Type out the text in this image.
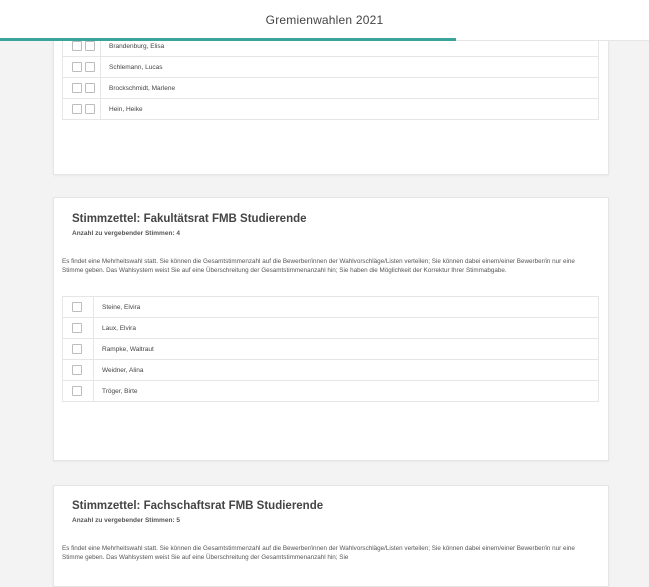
Gremienwahlen 2021
Brandenburg, Elisa
Schlemann, Lucas
Brockschmidt, Marlene
Hein, Heike
Stimmzettel: Fakultätsrat FMB Studierende
Anzahl zu vergebender Stimmen: 4
Es findet eine Mehrheitswahl statt. Sie können die Gesamtstimmenzahl auf die Bewerber/innen der Wahlvorschläge/Listen verteilen; Sie können dabei einem/einer Bewerber/in nur eine Stimme geben. Das Wahlsystem weist Sie auf eine Überschreitung der Gesamtstimmenanzahl hin; Sie haben die Möglichkeit der Korrektur Ihrer Stimmabgabe.
Steine, Elvira
Laux, Elvira
Rampke, Waltraut
Weidner, Alina
Tröger, Birte
Stimmzettel: Fachschaftsrat FMB Studierende
Anzahl zu vergebender Stimmen: 5
Es findet eine Mehrheitswahl statt. Sie können die Gesamtstimmenzahl auf die Bewerber/innen der Wahlvorschläge/Listen verteilen; Sie können dabei einem/einer Bewerber/in nur eine Stimme geben. Das Wahlsystem weist Sie auf eine Überschreitung der Gesamtstimmenanzahl hin; Sie
